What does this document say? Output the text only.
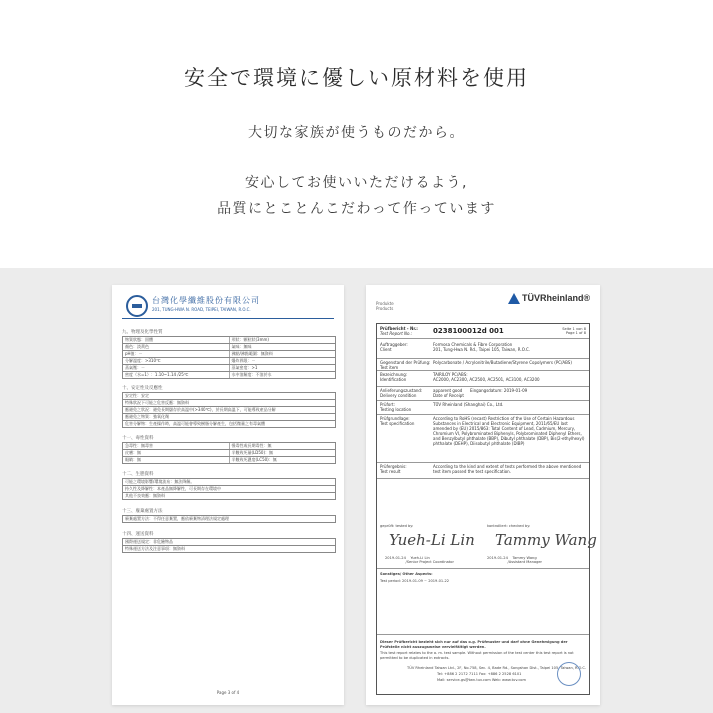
安全で環境に優しい原材料を使用
大切な家族が使うものだから。
安心してお使いいただけるよう,
品質にとことんこだわって作っています
台灣化學纖維股份有限公司
201, TUNG-HWA N. ROAD, TEIPEI, TAIWAN, R.O.C.
九、物理及化學性質
物質狀態：固體	形狀：顆粒狀(3mm)
顏色：淡黃色	氣味：無味
pH值：－	沸點/沸點範圍：無資料
分解溫度：>310℃	爆炸界限：－
蒸氣壓：－	蒸氣密度：>1
密度（水=1）：1.10~1.14 /25℃	水中溶解度：不溶於水
十、安定性及反應性
安定性：安定
特殊狀況下可能之危害反應：無資料
應避免之狀況：避免長期儲存於高溫中(>340℃)，於長期高溫下，可能導致產品分解
應避免之物質：強氧化劑
危害分解物：生產操作時，高溫可能會導致樹脂分解產生，包括微量之有毒氣體
十一、毒性資料
急毒性：無毒害	慢毒性或長期毒性：無
皮膚：無	半數致死量(LD50)：無
眼睛：無	半數致死濃度(LC50)：無
十二、生態資料
可能之環境影響/環境流布：無法降解。
持久性及降解性：本產品無降解性，可長期存在環境中
其他不良效應：無資料
十三、廢棄處置方法
廢棄處置方法：不得任意棄置，應依廢棄物清理法規定處理
十四、運送資料
國際運送規定：非危險物品
特殊運送方法及注意事項：無資料
Page 3 of 4
Produkte
Products
TÜVRheinland®
Prüfbericht - Nr.:
Test Report No.:	0238100012d 001	Seite 1 von 8
Page 1 of 8
Auftraggeber:
Client
Formosa Chemicals & Fibre Corporation
201, Tung-Hwa N. Rd., Taipei 105, Taiwan, R.O.C.
Gegenstand der Prüfung:
Test item
Polycarbonate / Acrylonitrile/Butadiene/Styrene Copolymers (PC/ABS)
Bezeichnung:
Identification
TAIRILOY PC/ABS:
AC2000, AC2300, AC2500, AC2501, AC3100, AC3200
Anlieferungszustand:
Delivery condition
apparent good      Eingangsdatum: 2019-01-09
Date of Receipt
Prüfort:
Testing location
TÜV Rheinland (Shanghai) Co., Ltd.
Prüfgrundlage:
Test specification
According to RoHS (recast) Restriction of the Use of Certain Hazardous Substances in Electrical and Electronic Equipment, 2011/65/EU last amended by (EU) 2015/863: Total Content of Lead, Cadmium, Mercury, Chromium VI, Polybrominated Biphenyls, Polybrominated Diphenyl Ethers, and Benzylbutyl phthalate (BBP), Dibutyl phthalate (DBP), Bis(2-ethylhexyl) phthalate (DEHP), Diisobutyl phthalate (DIBP)
Prüfergebnis:
Test result
According to the kind and extent of tests performed the above mentioned test item passed the test specification.
geprüft: tested by:	kontrolliert: checked by:
Yueh-Li Lin Tammy Wang
2019-01-24    Yueh-Li Lin
/Senior Project Coordinator
2019-01-24    Tammy Wang
/Assistant Manager
Sonstiges/ Other Aspects:
Test period: 2019-01-09 ~ 2019-01-22
Dieser Prüfbericht bezieht sich nur auf das o.g. Prüfmuster und darf ohne Genehmigung der Prüfstelle nicht auszugsweise vervielfältigt werden.
This test report relates to the a. m. test sample. Without permission of the test center this test report is not permitted to be duplicated in extracts.
TÜV Rheinland Taiwan Ltd., 2F, No.758, Sec. 4, Bade Rd., Songshan Dist., Taipei 105, Taiwan, R.O.C.
Tel: +886 2 2172 7111 Fax: +886 2 2528 6101
Mail: service-gs@twn.tuv.com Web: www.tuv.com
